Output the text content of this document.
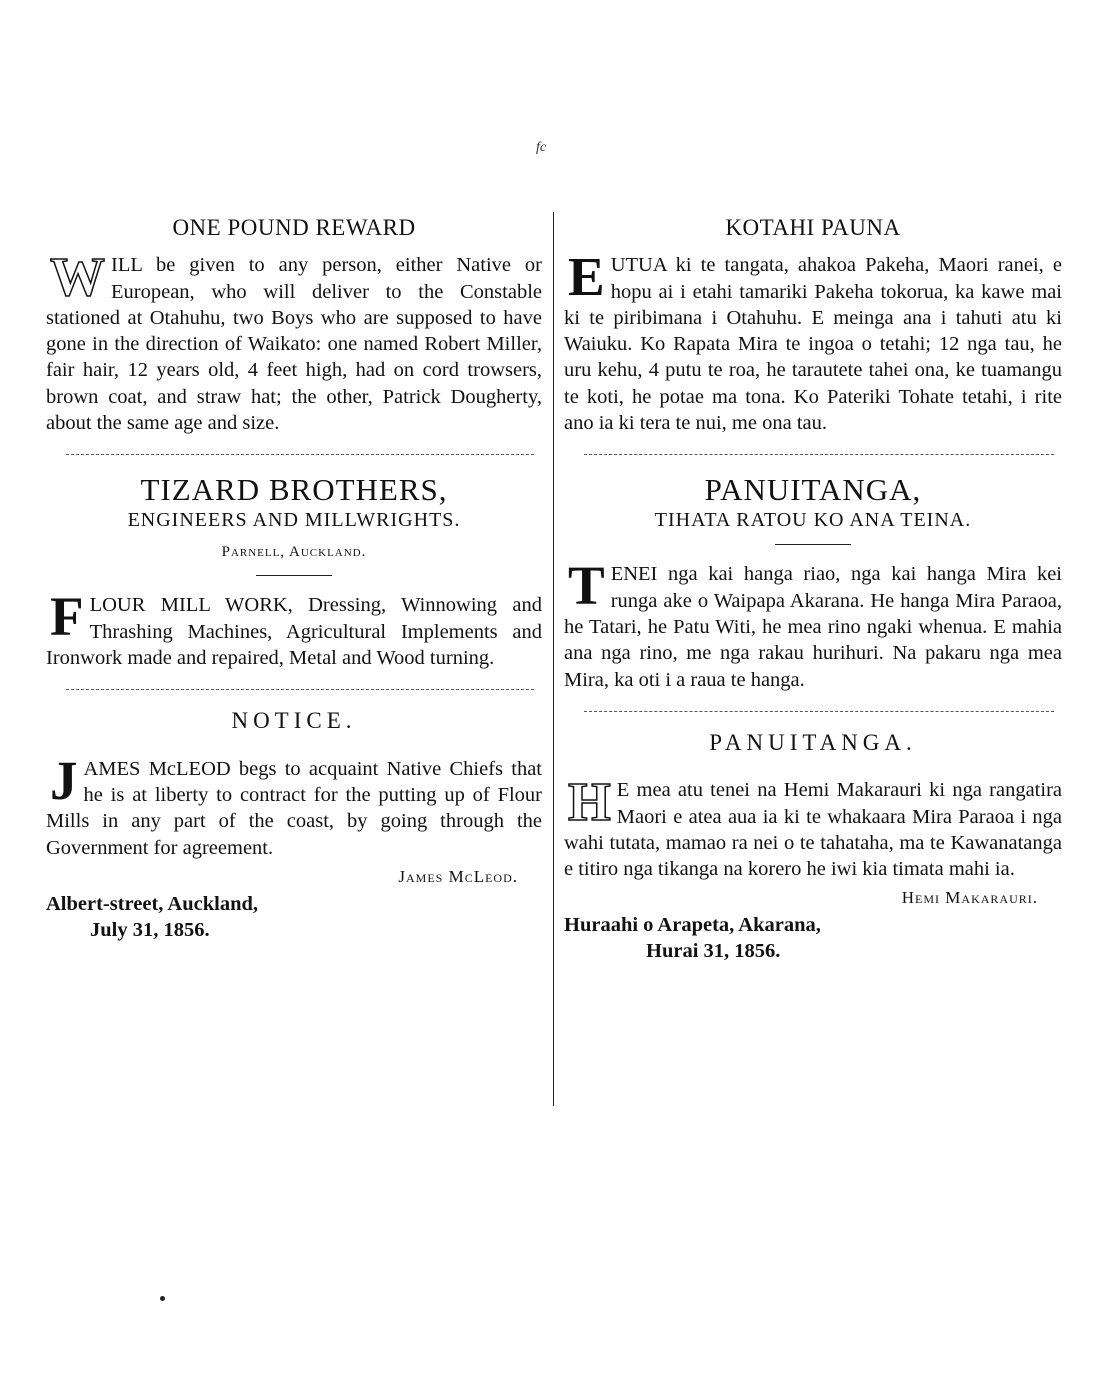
fc
ONE POUND REWARD

WILL be given to any person, either Native or European, who will deliver to the Constable stationed at Otahuhu, two Boys who are supposed to have gone in the direction of Waikato: one named Robert Miller, fair hair, 12 years old, 4 feet high, had on cord trowsers, brown coat, and straw hat; the other, Patrick Dougherty, about the same age and size.

TIZARD BROTHERS,
ENGINEERS AND MILLWRIGHTS.
Parnell, Auckland.

FLOUR MILL WORK, Dressing, Winnowing and Thrashing Machines, Agricultural Implements and Ironwork made and repaired, Metal and Wood turning.

NOTICE.

JAMES McLEOD begs to acquaint Native Chiefs that he is at liberty to contract for the putting up of Flour Mills in any part of the coast, by going through the Government for agreement.

James McLeod.
Albert-street, Auckland,
July 31, 1856.
KOTAHI PAUNA

EUTUA ki te tangata, ahakoa Pakeha, Maori ranei, e hopu ai i etahi tamariki Pakeha tokorua, ka kawe mai ki te piribimana i Otahuhu. E meinga ana i tahuti atu ki Waiuku. Ko Rapata Mira te ingoa o tetahi; 12 nga tau, he uru kehu, 4 putu te roa, he tarautete tahei ona, ke tuamangu te koti, he potae ma tona. Ko Pateriki Tohate tetahi, i rite ano ia ki tera te nui, me ona tau.

PANUITANGA,
TIHATA RATOU KO ANA TEINA.

TENEI nga kai hanga riao, nga kai hanga Mira kei runga ake o Waipapa Akarana. He hanga Mira Paraoa, he Tatari, he Patu Witi, he mea rino ngaki whenua. E mahia ana nga rino, me nga rakau hurihuri. Na pakaru nga mea Mira, ka oti i a raua te hanga.

PANUITANGA.

H E mea atu tenei na Hemi Makarauri ki nga rangatira Maori e atea aua ia ki te whakaara Mira Paraoa i nga wahi tutata, mamao ra nei o te tahataha, ma te Kawanatanga e titiro nga tikanga na korero he iwi kia timata mahi ia.

Hemi Makarauri.
Huraahi o Arapeta, Akarana,
Hurai 31, 1856.
